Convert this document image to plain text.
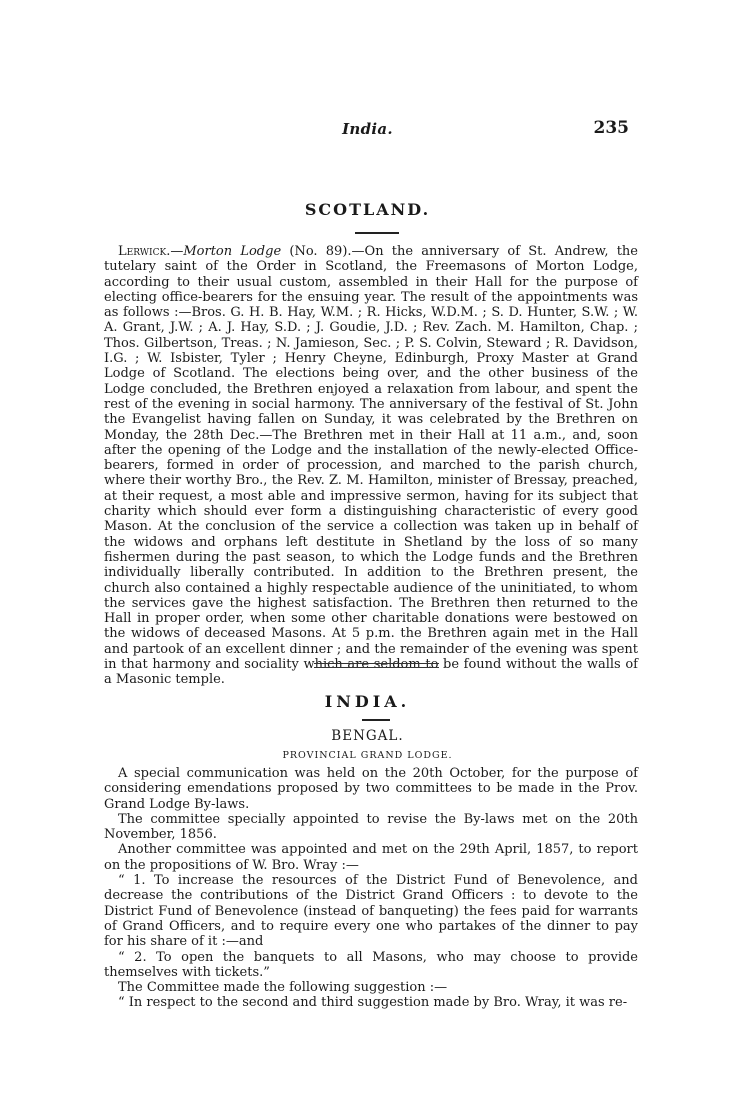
India.	235
SCOTLAND.

Lerwick.—Morton Lodge (No. 89).—On the anniversary of St. Andrew, the tutelary saint of the Order in Scotland, the Freemasons of Morton Lodge, according to their usual custom, assembled in their Hall for the purpose of electing office-bearers for the ensuing year. The result of the appointments was as follows :—Bros. G. H. B. Hay, W.M. ; R. Hicks, W.D.M. ; S. D. Hunter, S.W. ; W. A. Grant, J.W. ; A. J. Hay, S.D. ; J. Goudie, J.D. ; Rev. Zach. M. Hamilton, Chap. ; Thos. Gilbertson, Treas. ; N. Jamieson, Sec. ; P. S. Colvin, Steward ; R. Davidson, I.G. ; W. Isbister, Tyler ; Henry Cheyne, Edinburgh, Proxy Master at Grand Lodge of Scotland. The elections being over, and the other business of the Lodge concluded, the Brethren enjoyed a relaxation from labour, and spent the rest of the evening in social harmony. The anniversary of the festival of St. John the Evangelist having fallen on Sunday, it was celebrated by the Brethren on Monday, the 28th Dec.—The Brethren met in their Hall at 11 a.m., and, soon after the opening of the Lodge and the installation of the newly-elected Office-bearers, formed in order of procession, and marched to the parish church, where their worthy Bro., the Rev. Z. M. Hamilton, minister of Bressay, preached, at their request, a most able and impressive sermon, having for its subject that charity which should ever form a distinguishing characteristic of every good Mason. At the conclusion of the service a collection was taken up in behalf of the widows and orphans left destitute in Shetland by the loss of so many fishermen during the past season, to which the Lodge funds and the Brethren individually liberally contributed. In addition to the Brethren present, the church also contained a highly respectable audience of the uninitiated, to whom the services gave the highest satisfaction. The Brethren then returned to the Hall in proper order, when some other charitable donations were bestowed on the widows of deceased Masons. At 5 p.m. the Brethren again met in the Hall and partook of an excellent dinner ; and the remainder of the evening was spent in that harmony and sociality which are seldom to be found without the walls of a Masonic temple.

INDIA.
BENGAL.
PROVINCIAL GRAND LODGE.

A special communication was held on the 20th October, for the purpose of considering emendations proposed by two committees to be made in the Prov. Grand Lodge By-laws.

The committee specially appointed to revise the By-laws met on the 20th November, 1856.

Another committee was appointed and met on the 29th April, 1857, to report on the propositions of W. Bro. Wray :—

“ 1. To increase the resources of the District Fund of Benevolence, and decrease the contributions of the District Grand Officers : to devote to the District Fund of Benevolence (instead of banqueting) the fees paid for warrants of Grand Officers, and to require every one who partakes of the dinner to pay for his share of it :—and

“ 2. To open the banquets to all Masons, who may choose to provide themselves with tickets.”

The Committee made the following suggestion :—

“ In respect to the second and third suggestion made by Bro. Wray, it was re-
